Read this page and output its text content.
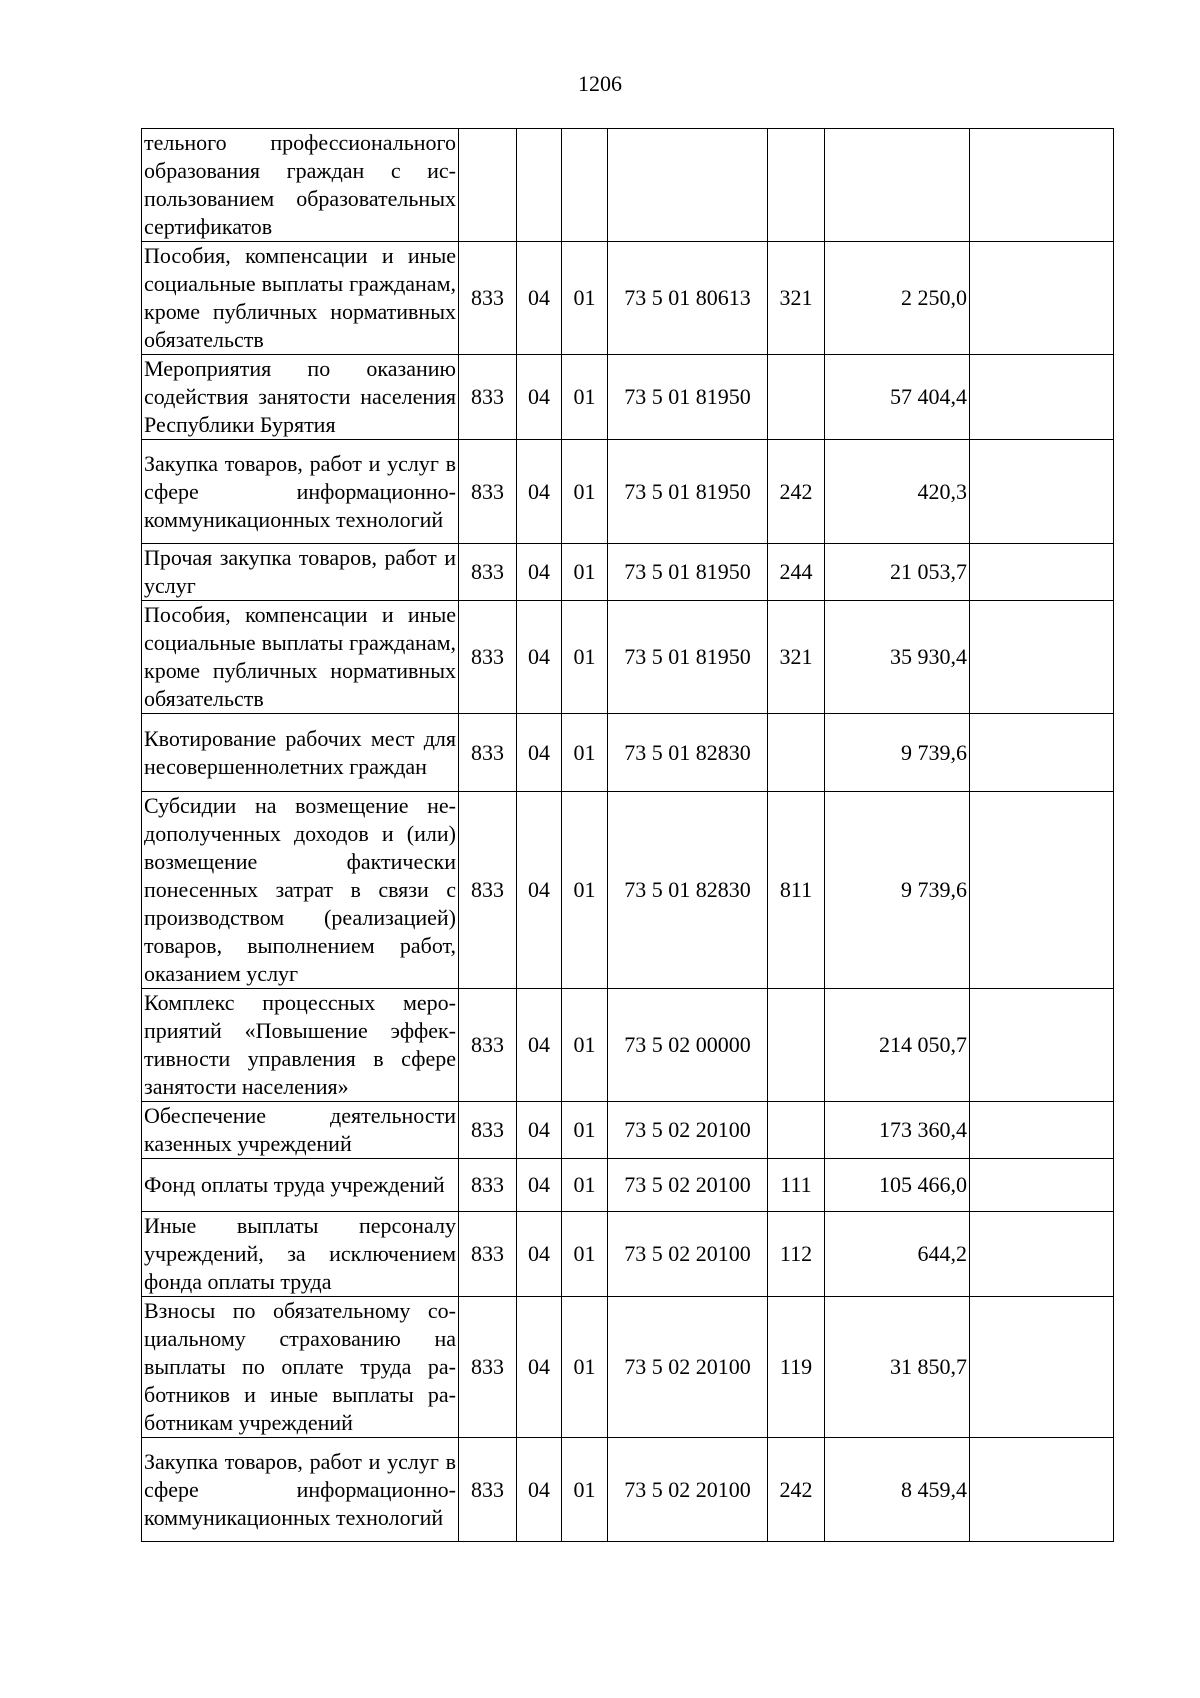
1206
тельного профессионального образования граждан с использованием образовательных сертификатов							
Пособия, компенсации и иные социальные выплаты гражданам, кроме публичных нормативных обязательств	833	04	01	73 5 01 80613	321	2 250,0	
Мероприятия по оказанию содействия занятости населения Республики Бурятия	833	04	01	73 5 01 81950		57 404,4	
Закупка товаров, работ и услуг в сфере информационно-коммуникационных технологий	833	04	01	73 5 01 81950	242	420,3	
Прочая закупка товаров, работ и услуг	833	04	01	73 5 01 81950	244	21 053,7	
Пособия, компенсации и иные социальные выплаты гражданам, кроме публичных нормативных обязательств	833	04	01	73 5 01 81950	321	35 930,4	
Квотирование рабочих мест для несовершеннолетних граждан	833	04	01	73 5 01 82830		9 739,6	
Субсидии на возмещение недополученных доходов и (или) возмещение фактически понесенных затрат в связи с производством (реализацией) товаров, выполнением работ, оказанием услуг	833	04	01	73 5 01 82830	811	9 739,6	
Комплекс процессных мероприятий «Повышение эффективности управления в сфере занятости населения»	833	04	01	73 5 02 00000		214 050,7	
Обеспечение деятельности казенных учреждений	833	04	01	73 5 02 20100		173 360,4	
Фонд оплаты труда учреждений	833	04	01	73 5 02 20100	111	105 466,0	
Иные выплаты персоналу учреждений, за исключением фонда оплаты труда	833	04	01	73 5 02 20100	112	644,2	
Взносы по обязательному социальному страхованию на выплаты по оплате труда работников и иные выплаты работникам учреждений	833	04	01	73 5 02 20100	119	31 850,7	
Закупка товаров, работ и услуг в сфере информационно-коммуникационных технологий	833	04	01	73 5 02 20100	242	8 459,4	
